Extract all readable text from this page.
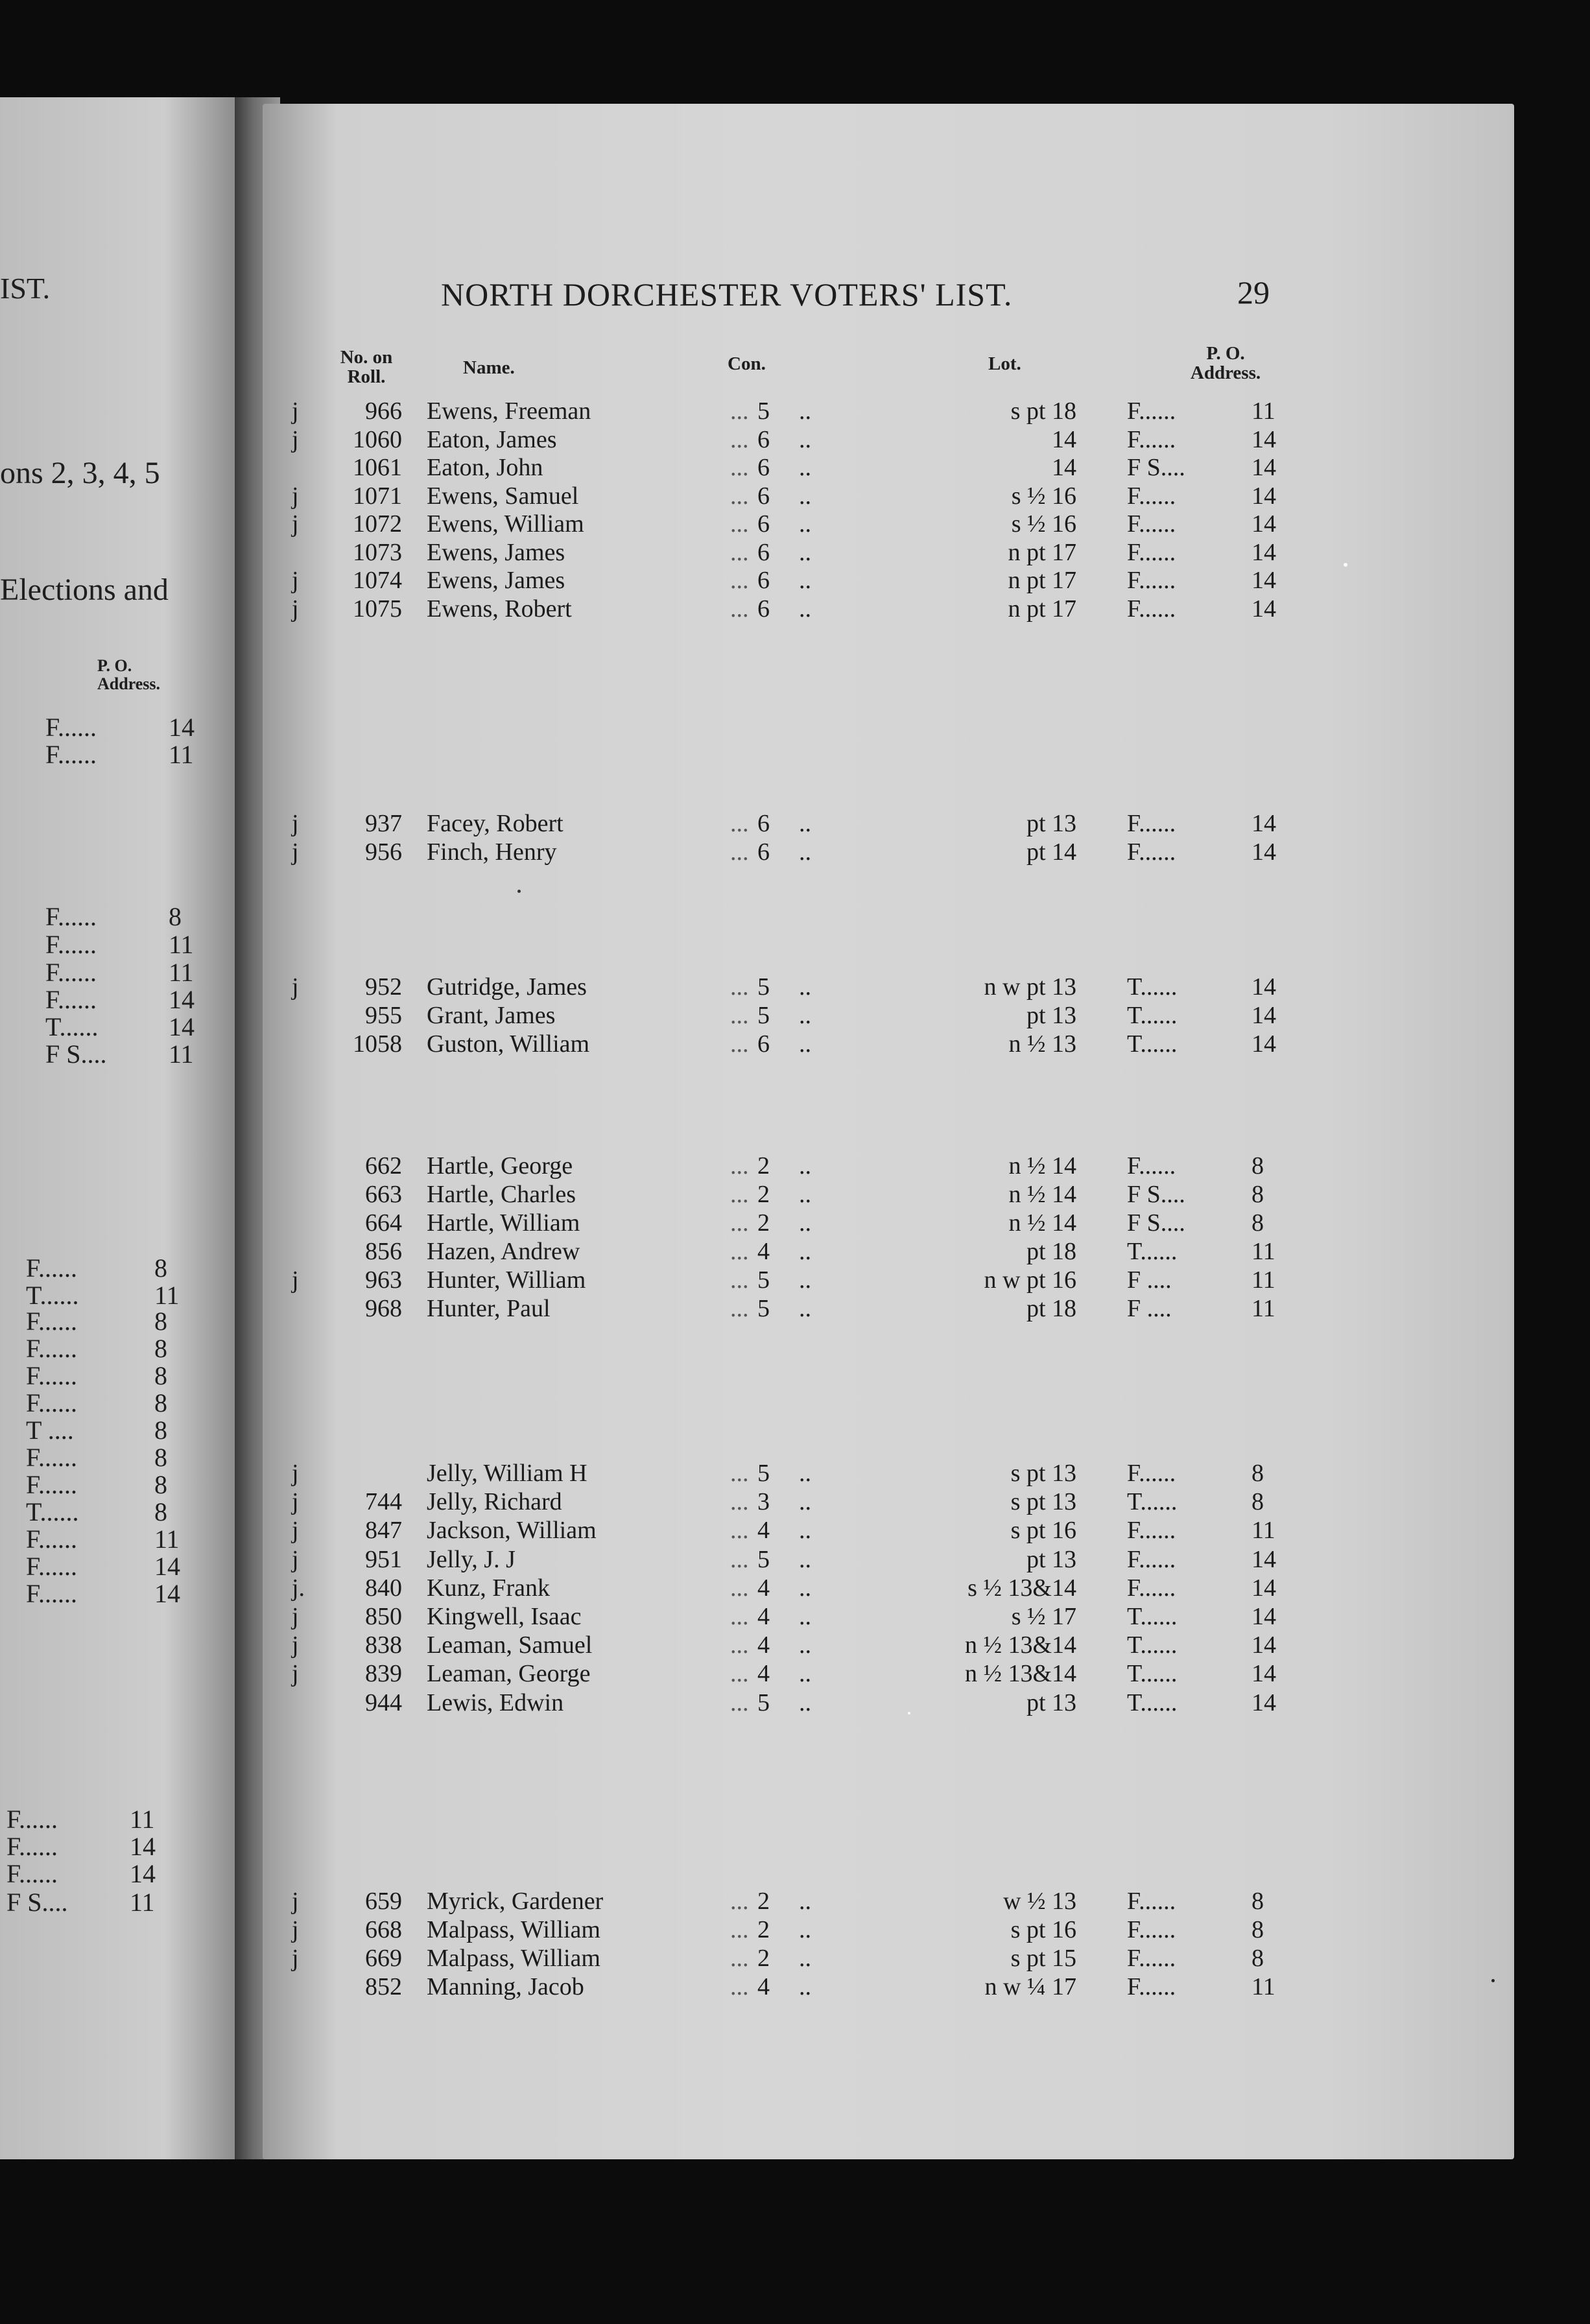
IST.
ons 2, 3, 4, 5
Elections and
P. O.
Address.
F......	14
F......	11
F......	8
F......	11
F......	11
F......	14
T......	14
F S.... 11
F......	8
T......	11
F......	8
F......	8
F......	8
F......	8
T ....	8
F......	8
F......	8
T......	8
F......	11
F......	14
F......	14
F......	11
F......	14
F......	14
F S.... 11
NORTH DORCHESTER VOTERS' LIST.	29
No. on
Roll.	Name.	Con.	Lot.	P. O.
Address.
j	966 Ewens, Freeman	... 5	..	s pt 18 F......	11
j	1060 Eaton, James	... 6	..	14 F......	14
1061 Eaton, John	... 6	..	14 F S....	14
j	1071 Ewens, Samuel	... 6	..	s ½ 16 F......	14
j	1072 Ewens, William	... 6	..	s ½ 16 F......	14
1073 Ewens, James	... 6	..	n pt 17 F......	14
j	1074 Ewens, James	... 6	..	n pt 17 F......	14
j	1075 Ewens, Robert	... 6	..	n pt 17 F......	14
j	937 Facey, Robert	... 6	..	pt 13 F......	14
j	956 Finch, Henry	... 6	..	pt 14 F......	14
j	952 Gutridge, James	... 5	..	n w pt 13 T......	14
955 Grant, James	... 5	..	pt 13 T......	14
1058 Guston, William	... 6	..	n ½ 13 T......	14
662 Hartle, George	... 2	..	n ½ 14 F......	8
663 Hartle, Charles	... 2	..	n ½ 14 F S....	8
664 Hartle, William	... 2	..	n ½ 14 F S....	8
856 Hazen, Andrew	... 4	..	pt 18 T......	11
j	963 Hunter, William	... 5	..	n w pt 16 F ....	11
968 Hunter, Paul	... 5	..	pt 18 F ....	11
j	Jelly, William H	... 5	..	s pt 13 F......	8
j	744 Jelly, Richard	... 3	..	s pt 13 T......	8
j	847 Jackson, William	... 4	..	s pt 16 F......	11
j	951 Jelly, J. J	... 5	..	pt 13 F......	14
j.	840 Kunz, Frank	... 4	..	s ½ 13&14 F......	14
j	850 Kingwell, Isaac	... 4	..	s ½ 17 T......	14
j	838 Leaman, Samuel	... 4	..	n ½ 13&14 T......	14
j	839 Leaman, George	... 4	..	n ½ 13&14 T......	14
944 Lewis, Edwin	... 5	..	pt 13 T......	14
j	659 Myrick, Gardener	... 2	..	w ½ 13 F......	8
j	668 Malpass, William	... 2	..	s pt 16 F......	8
j	669 Malpass, William	... 2	..	s pt 15 F......	8
852 Manning, Jacob	... 4	..	n w ¼ 17 F......	11
